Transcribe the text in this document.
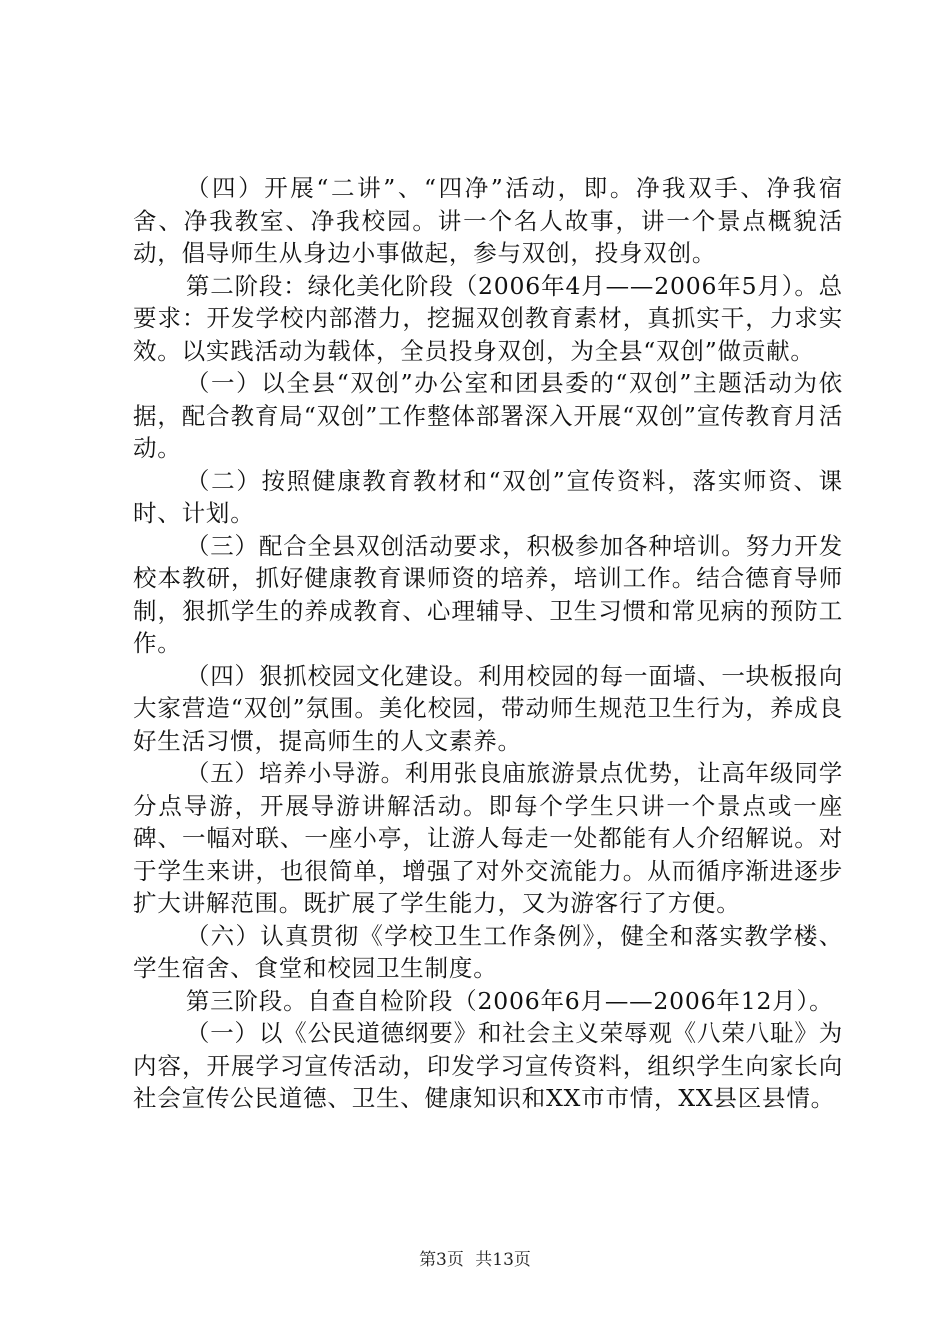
（四）开展“二讲”、“四净”活动，即。净我双手、净我宿舍、净我教室、净我校园。讲一个名人故事，讲一个景点概貌活动，倡导师生从身边小事做起，参与双创，投身双创。

第二阶段：绿化美化阶段（2006年4月——2006年5月）。总要求：开发学校内部潜力，挖掘双创教育素材，真抓实干，力求实效。以实践活动为载体，全员投身双创，为全县“双创”做贡献。

（一）以全县“双创”办公室和团县委的“双创”主题活动为依据，配合教育局“双创”工作整体部署深入开展“双创”宣传教育月活动。

（二）按照健康教育教材和“双创”宣传资料，落实师资、课时、计划。

（三）配合全县双创活动要求，积极参加各种培训。努力开发校本教研，抓好健康教育课师资的培养，培训工作。结合德育导师制，狠抓学生的养成教育、心理辅导、卫生习惯和常见病的预防工作。

（四）狠抓校园文化建设。利用校园的每一面墙、一块板报向大家营造“双创”氛围。美化校园，带动师生规范卫生行为，养成良好生活习惯，提高师生的人文素养。

（五）培养小导游。利用张良庙旅游景点优势，让高年级同学分点导游，开展导游讲解活动。即每个学生只讲一个景点或一座碑、一幅对联、一座小亭，让游人每走一处都能有人介绍解说。对于学生来讲，也很简单，增强了对外交流能力。从而循序渐进逐步扩大讲解范围。既扩展了学生能力，又为游客行了方便。

（六）认真贯彻《学校卫生工作条例》，健全和落实教学楼、学生宿舍、食堂和校园卫生制度。

第三阶段。自查自检阶段（2006年6月——2006年12月）。

（一）以《公民道德纲要》和社会主义荣辱观《八荣八耻》为内容，开展学习宣传活动，印发学习宣传资料，组织学生向家长向社会宣传公民道德、卫生、健康知识和XX市市情，XX县区县情。

第3页 共13页
